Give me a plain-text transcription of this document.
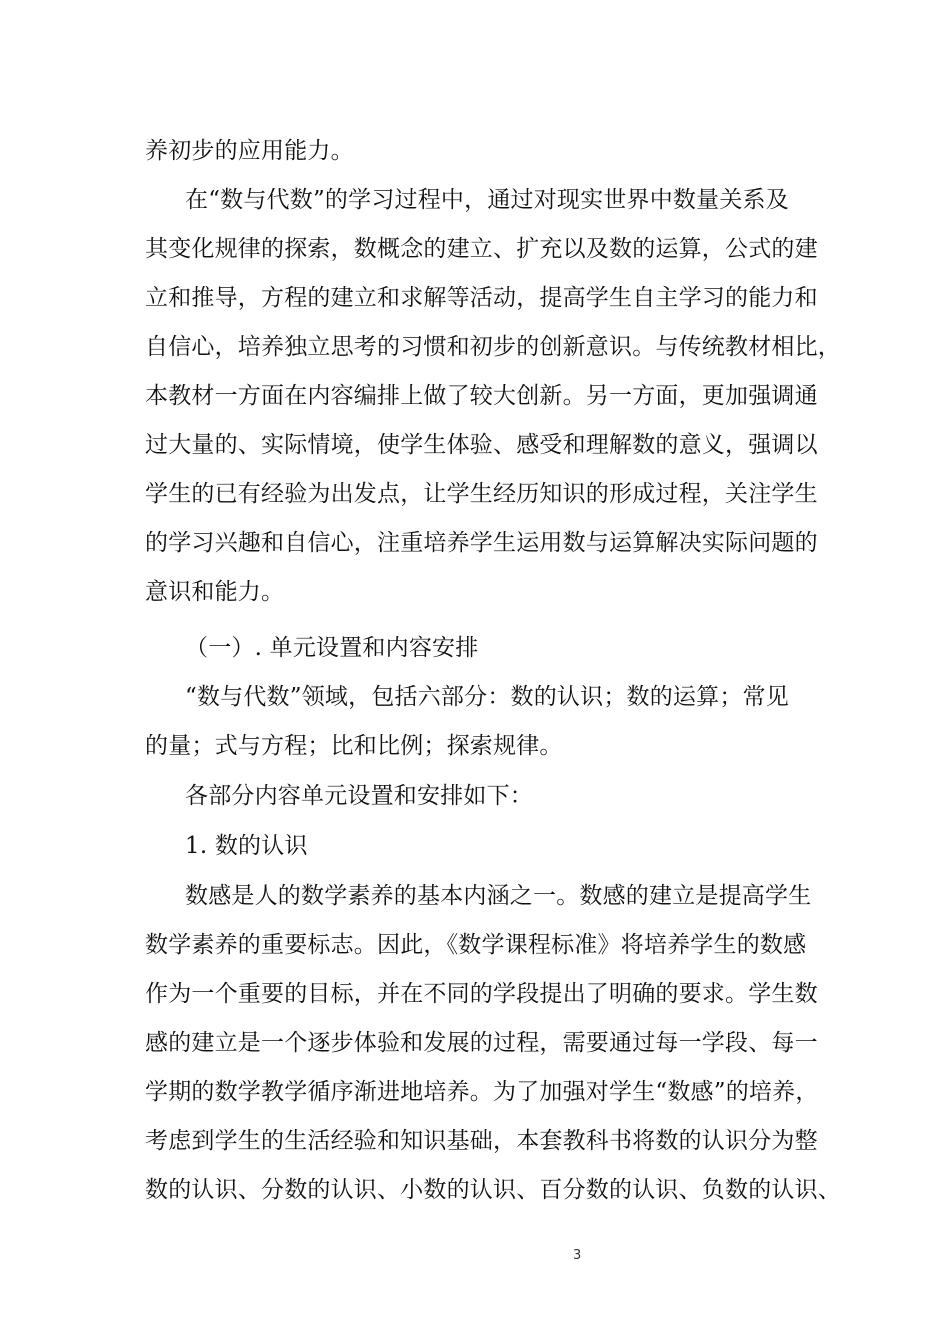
养初步的应用能力。
在“数与代数”的学习过程中，通过对现实世界中数量关系及
其变化规律的探索，数概念的建立、扩充以及数的运算，公式的建
立和推导，方程的建立和求解等活动，提高学生自主学习的能力和
自信心，培养独立思考的习惯和初步的创新意识。与传统教材相比，
本教材一方面在内容编排上做了较大创新。另一方面，更加强调通
过大量的、实际情境，使学生体验、感受和理解数的意义，强调以
学生的已有经验为出发点，让学生经历知识的形成过程，关注学生
的学习兴趣和自信心，注重培养学生运用数与运算解决实际问题的
意识和能力。
（一）. 单元设置和内容安排
“数与代数”领域，包括六部分：数的认识；数的运算；常见
的量；式与方程；比和比例；探索规律。
各部分内容单元设置和安排如下：
1. 数的认识
数感是人的数学素养的基本内涵之一。数感的建立是提高学生
数学素养的重要标志。因此，《数学课程标准》将培养学生的数感
作为一个重要的目标，并在不同的学段提出了明确的要求。学生数
感的建立是一个逐步体验和发展的过程，需要通过每一学段、每一
学期的数学教学循序渐进地培养。为了加强对学生“数感”的培养，
考虑到学生的生活经验和知识基础，本套教科书将数的认识分为整
数的认识、分数的认识、小数的认识、百分数的认识、负数的认识、
3
